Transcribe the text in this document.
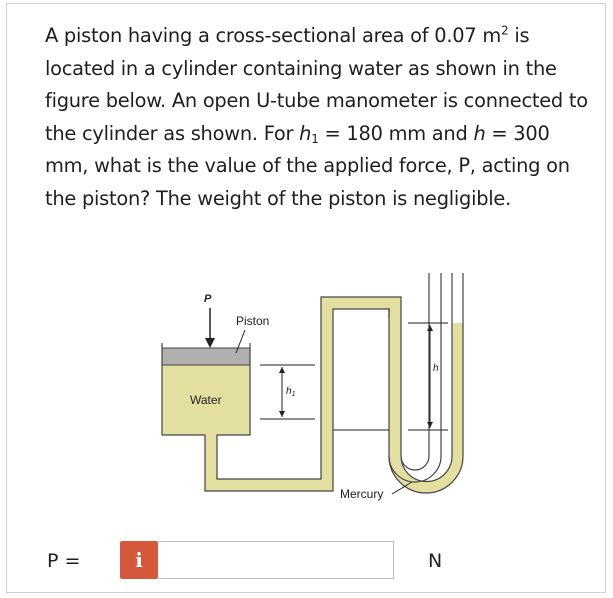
A piston having a cross-sectional area of 0.07 $m^2$ is located in a cylinder containing water as shown in the figure below. An open U-tube manometer is connected to the cylinder as shown. For $h_1 = 180$ mm and h = 300 mm, what is the value of the applied force, P, acting on the piston? The weight of the piston is negligible.

P
Piston
Water
$h_1$
h
Mercury
P =	i	N
